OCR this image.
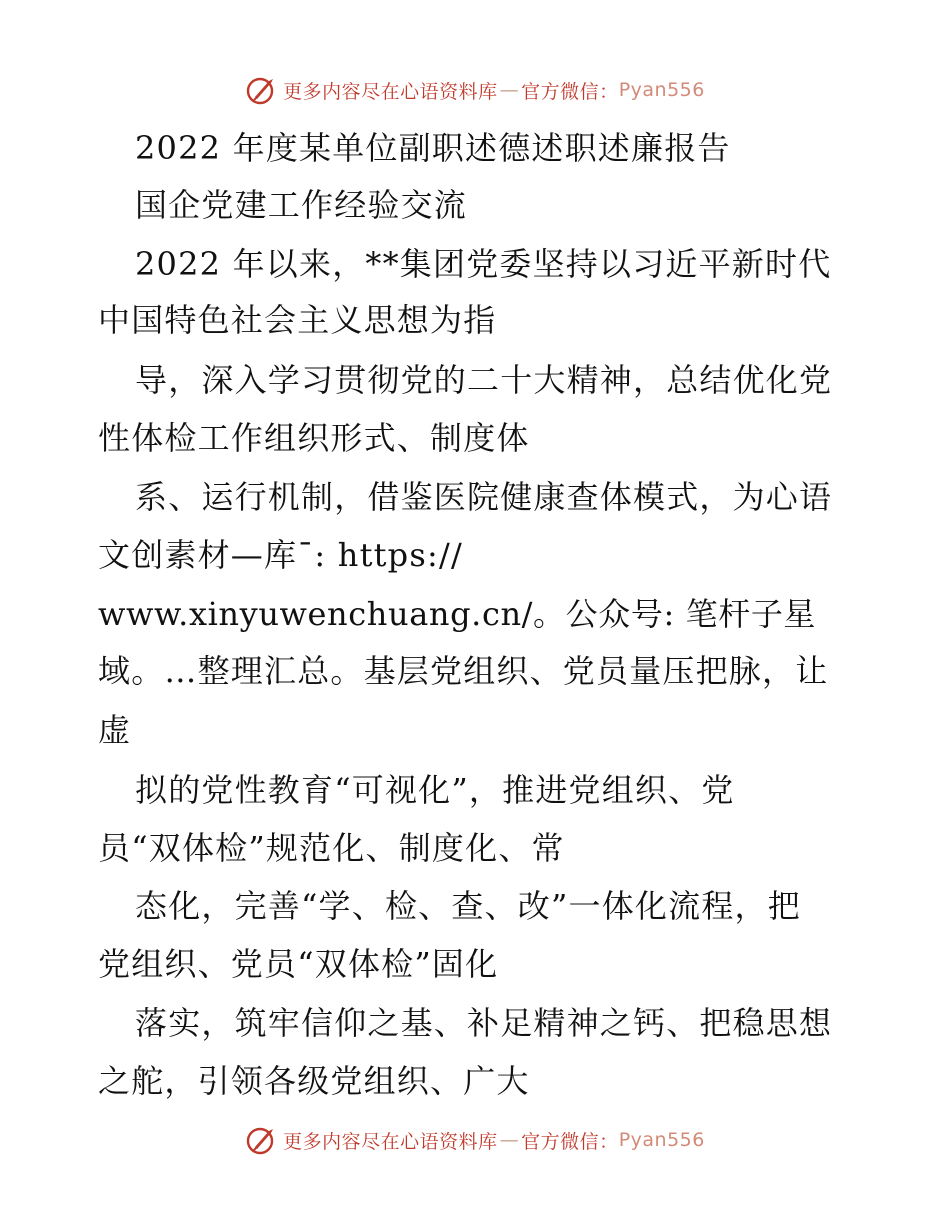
更多内容尽在心语资料库 — 官方微信： Pyan556
2022 年度某单位副职述德述职述廉报告
国企党建工作经验交流
2022 年以来，**集团党委坚持以习近平新时代
中国特色社会主义思想为指
导，深入学习贯彻党的二十大精神，总结优化党
性体检工作组织形式、制度体
系、运行机制，借鉴医院健康查体模式，为心语
文创素材—库¯: https://
www.xinyuwenchuang.cn/。公众号: 笔杆子星
域。…整理汇总。基层党组织、党员量压把脉，让
虚
拟的党性教育“可视化”，推进党组织、党
员“双体检”规范化、制度化、常
态化，完善“学、检、查、改”一体化流程，把
党组织、党员“双体检”固化
落实，筑牢信仰之基、补足精神之钙、把稳思想
之舵，引领各级党组织、广大
更多内容尽在心语资料库 — 官方微信： Pyan556
